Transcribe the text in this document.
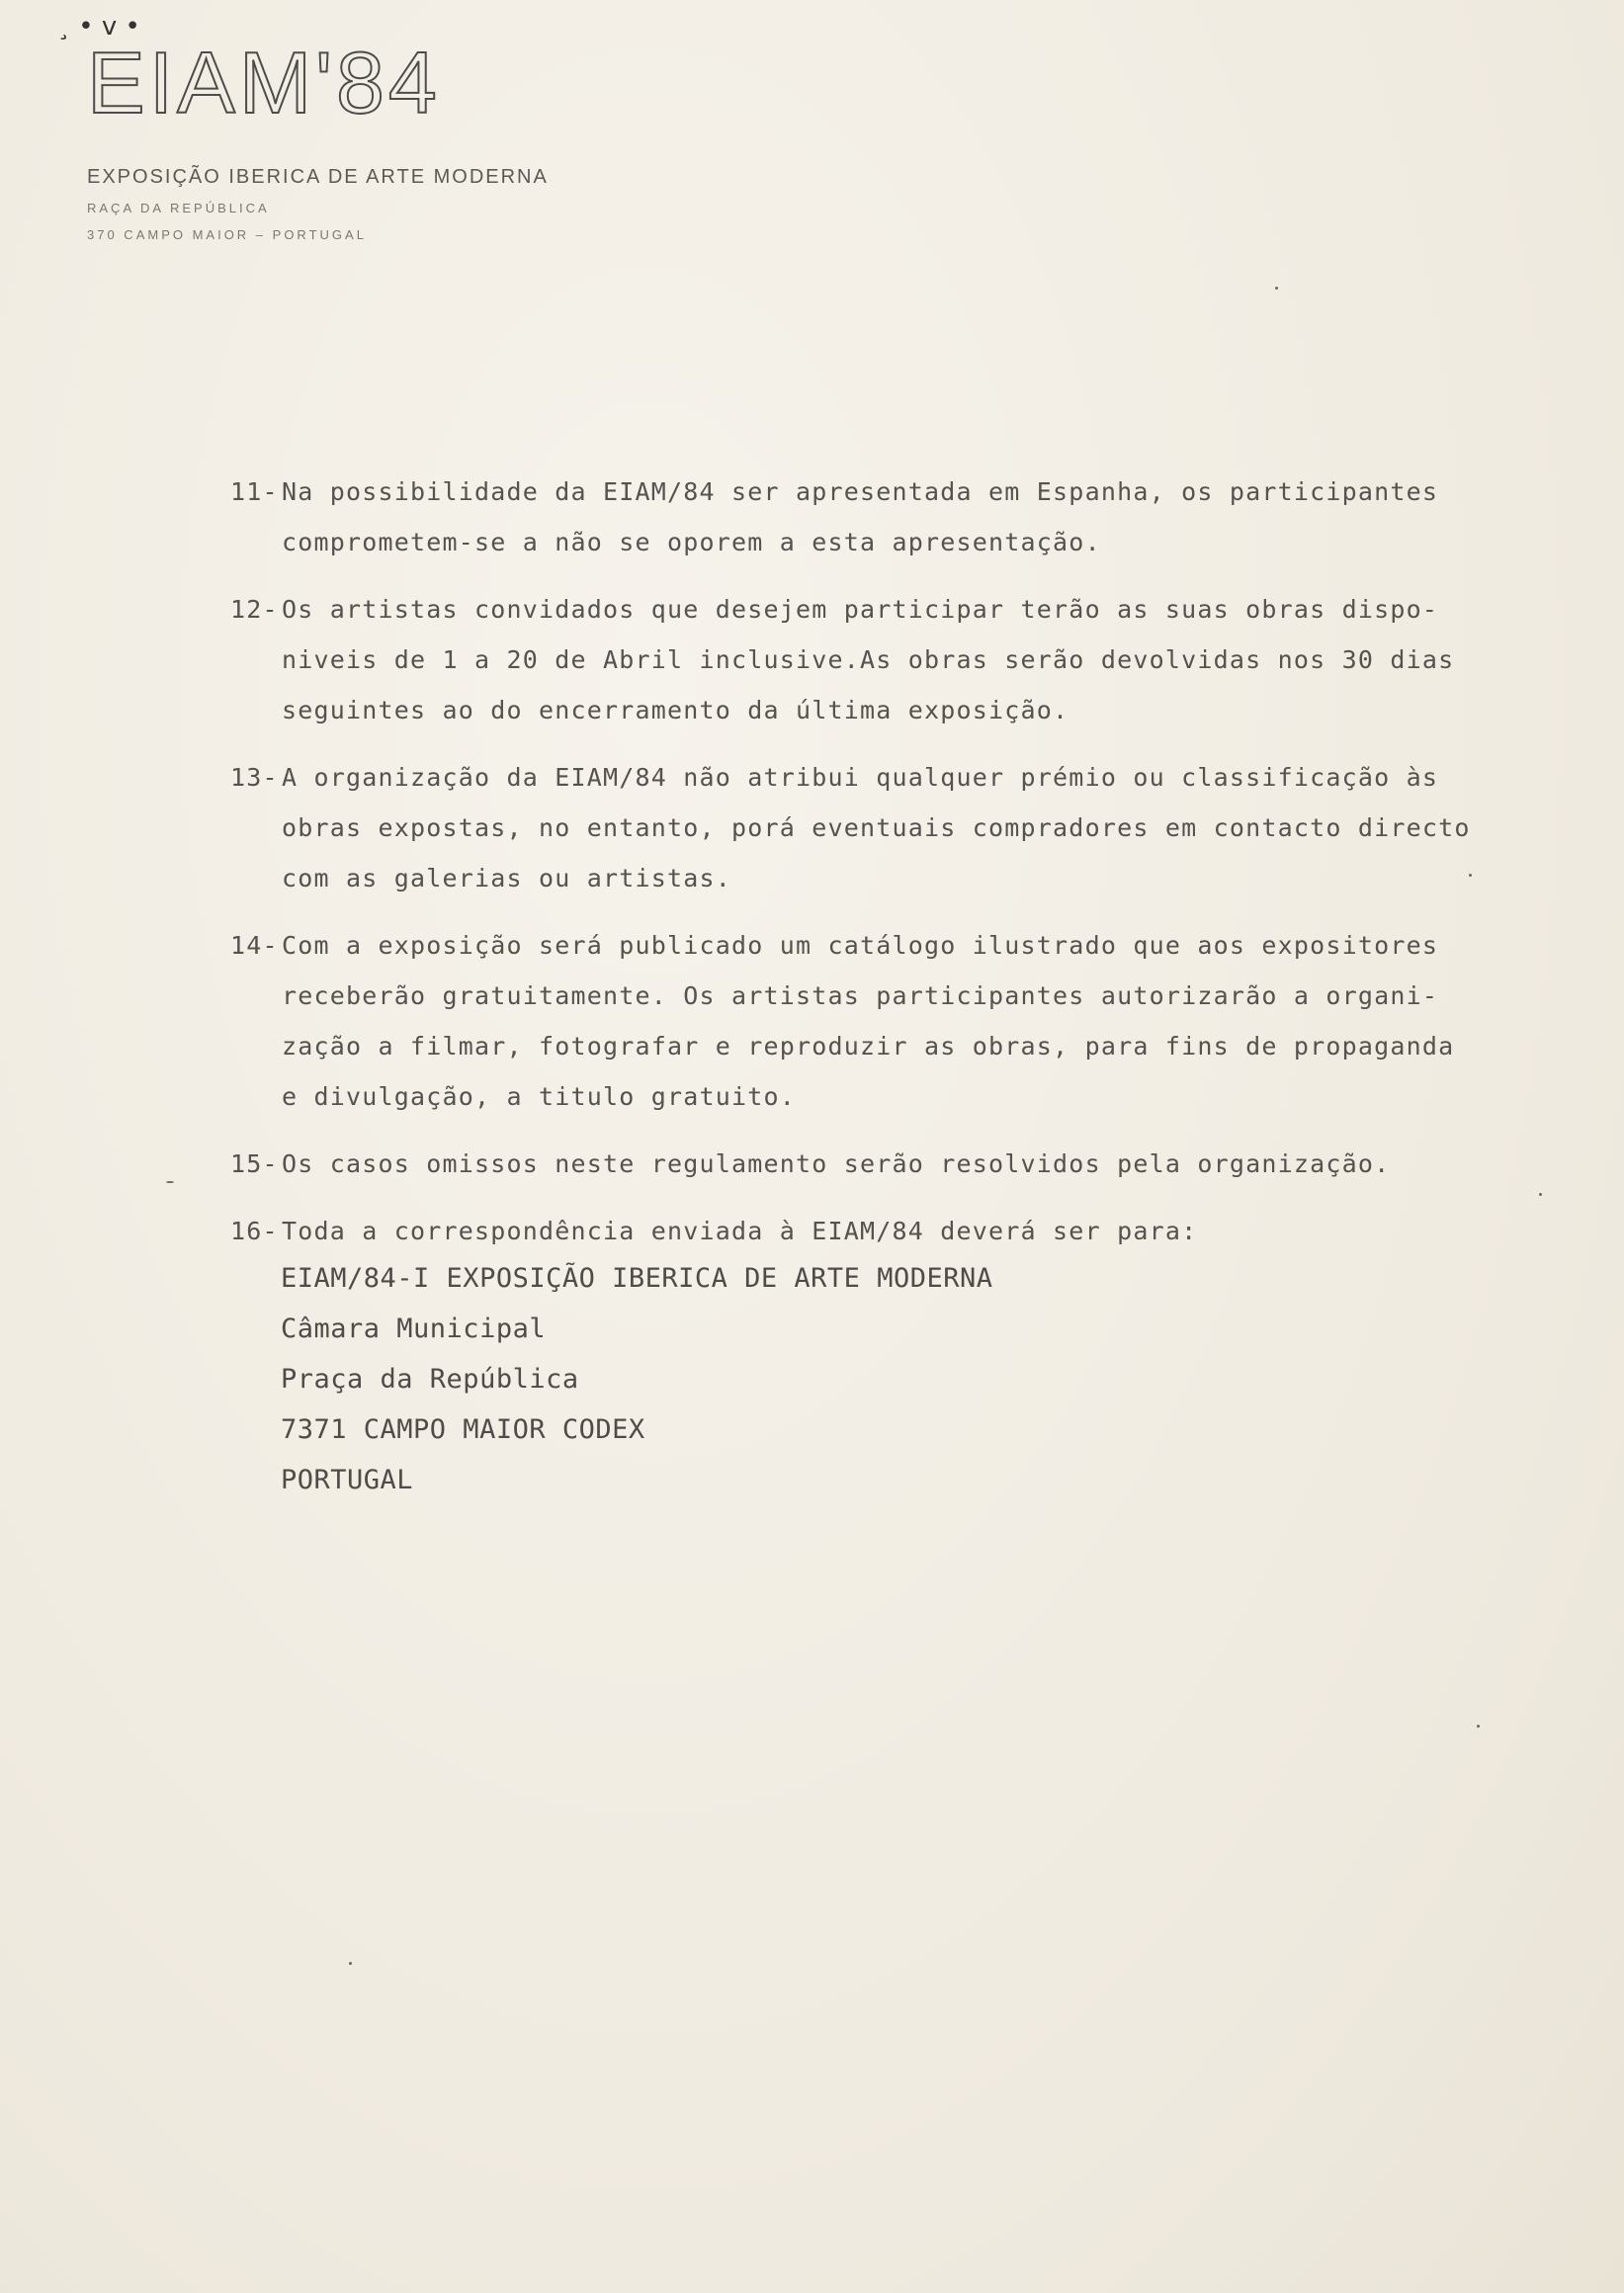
¸ • ᴠ •
EIAM'84
EXPOSIÇÃO IBERICA DE ARTE MODERNA
RAÇA DA REPÚBLICA
370 CAMPO MAIOR – PORTUGAL
11- Na possibilidade da EIAM/84 ser apresentada em Espanha, os participantes
comprometem-se a não se oporem a esta apresentação.
12- Os artistas convidados que desejem participar terão as suas obras dispo-
niveis de 1 a 20 de Abril inclusive.As obras serão devolvidas nos 30 dias
seguintes ao do encerramento da última exposição.
13- A organização da EIAM/84 não atribui qualquer prémio ou classificação às
obras expostas, no entanto, porá eventuais compradores em contacto directo
com as galerias ou artistas.
14- Com a exposição será publicado um catálogo ilustrado que aos expositores
receberão gratuitamente. Os artistas participantes autorizarão a organi-
zação a filmar, fotografar e reproduzir as obras, para fins de propaganda
e divulgação, a titulo gratuito.
15- Os casos omissos neste regulamento serão resolvidos pela organização.
16- Toda a correspondência enviada à EIAM/84 deverá ser para:
EIAM/84-I EXPOSIÇÃO IBERICA DE ARTE MODERNA
Câmara Municipal
Praça da República
7371 CAMPO MAIOR CODEX
PORTUGAL
